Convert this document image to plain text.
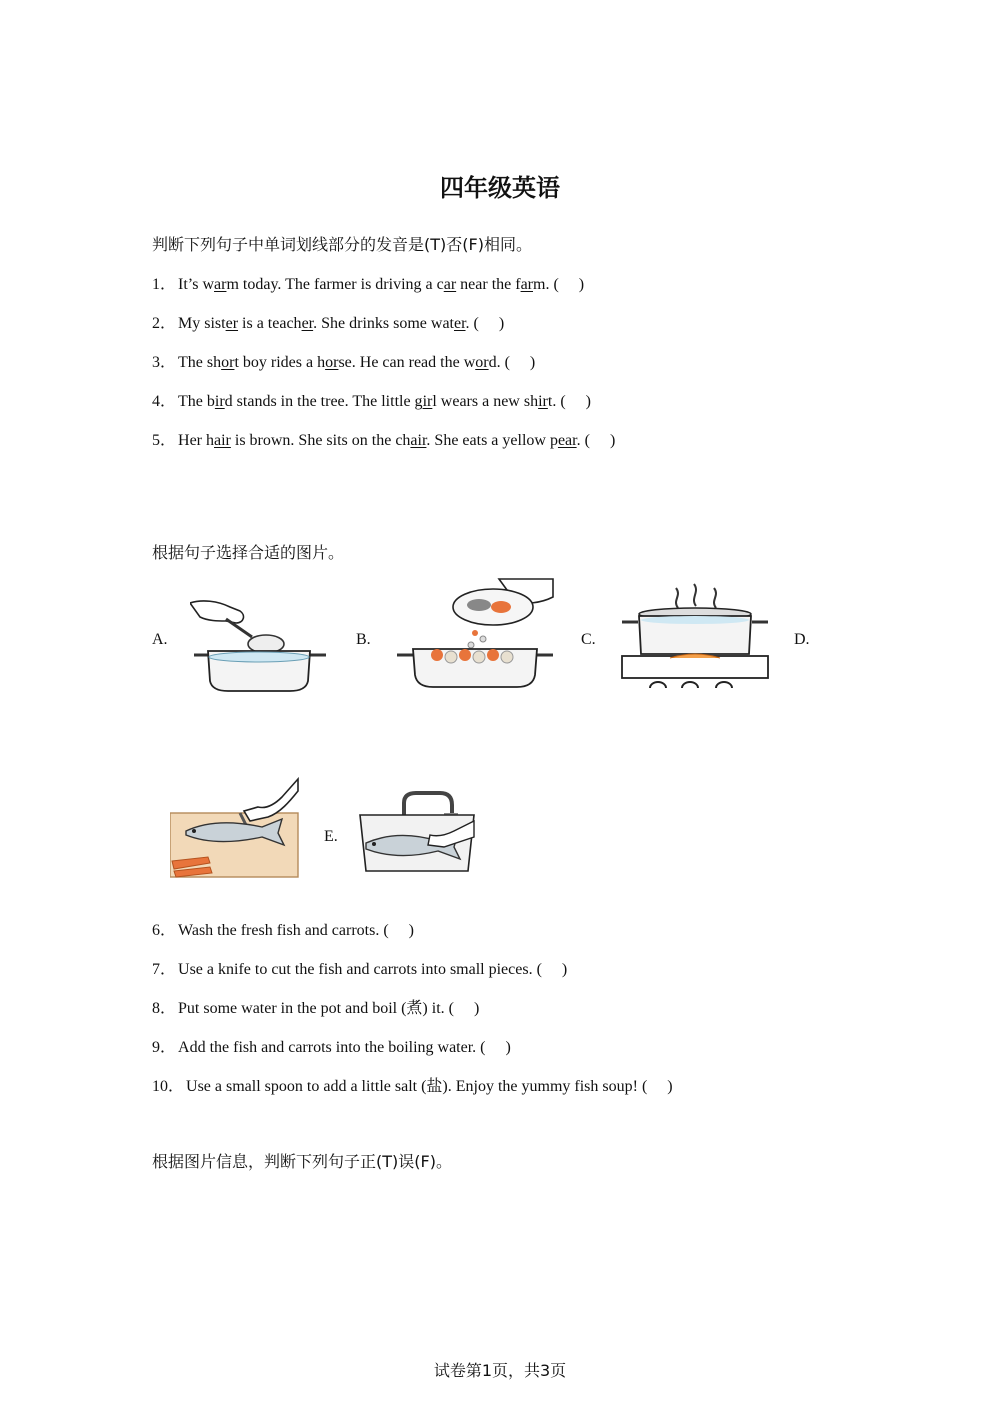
四年级英语
判断下列句子中单词划线部分的发音是(T)否(F)相同。
1． It’s warm today. The farmer is driving a car near the farm. ( )
2． My sister is a teacher. She drinks some water. ( )
3． The short boy rides a horse. He can read the word. ( )
4． The bird stands in the tree. The little girl wears a new shirt. ( )
5． Her hair is brown. She sits on the chair. She eats a yellow pear. ( )
根据句子选择合适的图片。
A.	B.	C.	D.
E.
6． Wash the fresh fish and carrots. ( )
7． Use a knife to cut the fish and carrots into small pieces. ( )
8． Put some water in the pot and boil (煮) it. ( )
9． Add the fish and carrots into the boiling water. ( )
10． Use a small spoon to add a little salt (盐). Enjoy the yummy fish soup! ( )
根据图片信息，判断下列句子正(T)误(F)。
试卷第1页，共3页
